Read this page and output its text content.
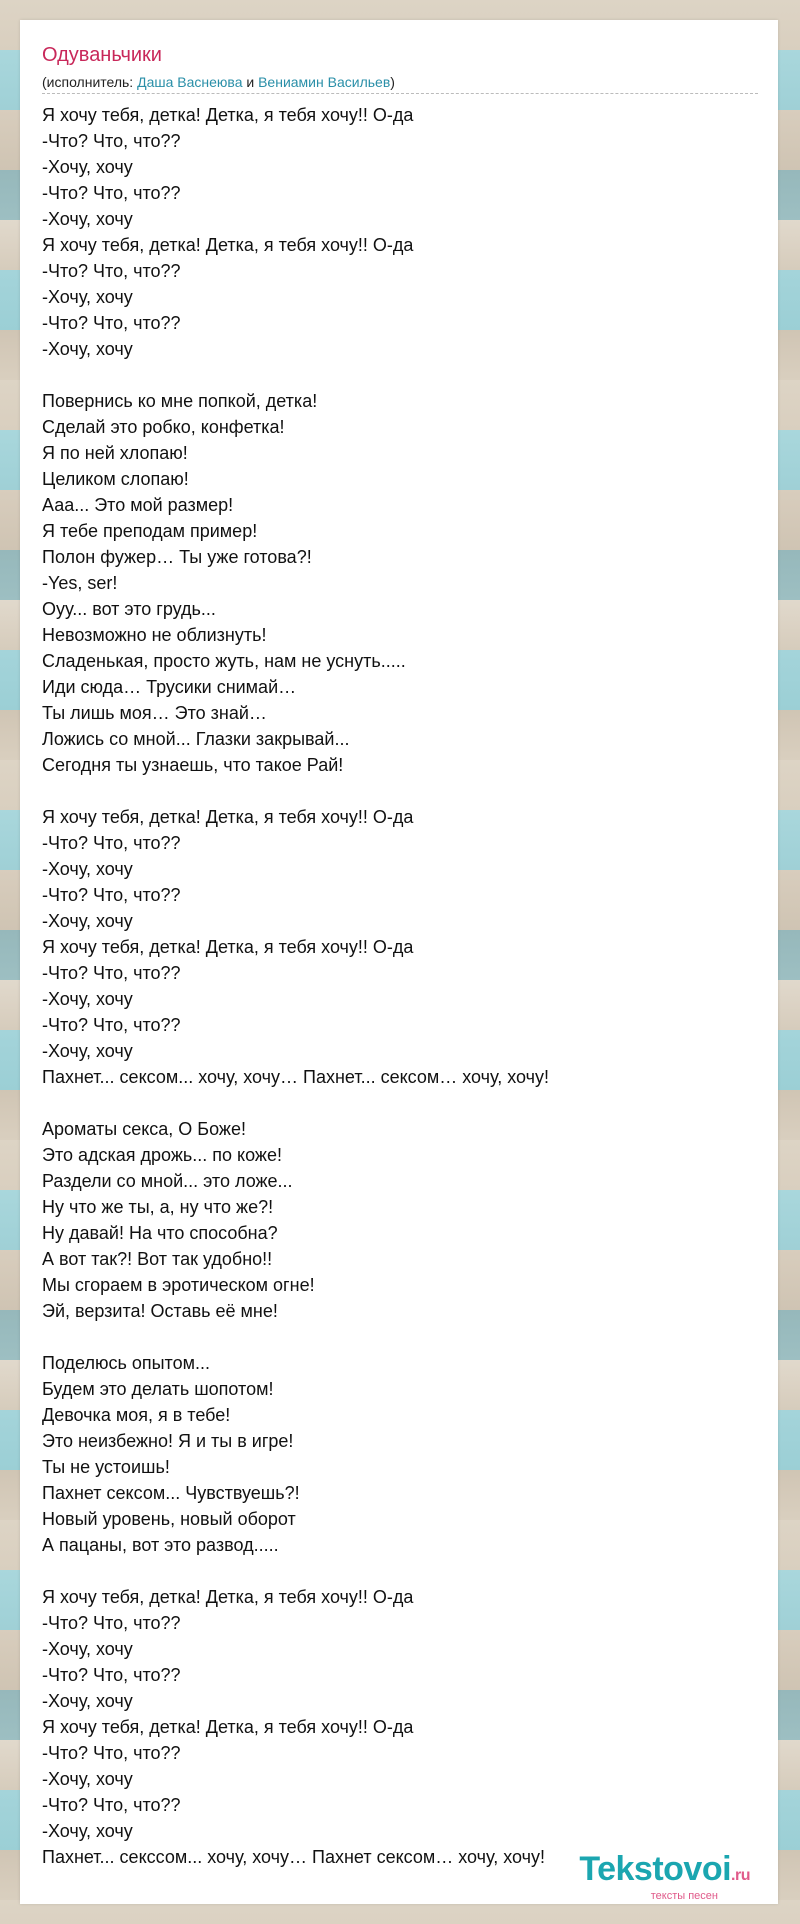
Одуваньчики
(исполнитель: Даша Васнеюва и Вениамин Васильев)
Я хочу тебя, детка! Детка, я тебя хочу!! О-да
-Что? Что, что??
-Хочу, хочу
-Что? Что, что??
-Хочу, хочу
Я хочу тебя, детка! Детка, я тебя хочу!! О-да
-Что? Что, что??
-Хочу, хочу
-Что? Что, что??
-Хочу, хочу
Повернись ко мне попкой, детка!
Сделай это робко, конфетка!
Я по ней хлопаю!
Целиком слопаю!
Ааа... Это мой размер!
Я тебе преподам пример!
Полон фужер… Ты уже готова?!
-Yes, ser!
Оуу... вот это грудь...
Невозможно не облизнуть!
Сладенькая, просто жуть, нам не уснуть.....
Иди сюда… Трусики снимай…
Ты лишь моя… Это знай…
Ложись со мной... Глазки закрывай...
Сегодня ты узнаешь, что такое Рай!
Я хочу тебя, детка! Детка, я тебя хочу!! О-да
-Что? Что, что??
-Хочу, хочу
-Что? Что, что??
-Хочу, хочу
Я хочу тебя, детка! Детка, я тебя хочу!! О-да
-Что? Что, что??
-Хочу, хочу
-Что? Что, что??
-Хочу, хочу
Пахнет... сексом... хочу, хочу… Пахнет... сексом… хочу, хочу!
Ароматы секса, О Боже!
Это адская дрожь... по коже!
Раздели со мной... это ложе...
Ну что же ты, а, ну что же?!
Ну давай! На что способна?
А вот так?! Вот так удобно!!
Мы сгораем в эротическом огне!
Эй, верзита! Оставь её мне!
Поделюсь опытом...
Будем это делать шопотом!
Девочка моя, я в тебе!
Это неизбежно! Я и ты в игре!
Ты не устоишь!
Пахнет сексом... Чувствуешь?!
Новый уровень, новый оборот
А пацаны, вот это развод.....
Я хочу тебя, детка! Детка, я тебя хочу!! О-да
-Что? Что, что??
-Хочу, хочу
-Что? Что, что??
-Хочу, хочу
Я хочу тебя, детка! Детка, я тебя хочу!! О-да
-Что? Что, что??
-Хочу, хочу
-Что? Что, что??
-Хочу, хочу
Пахнет... секссом... хочу, хочу… Пахнет сексом… хочу, хочу!	Tekstovoi.ru
тексты песен
